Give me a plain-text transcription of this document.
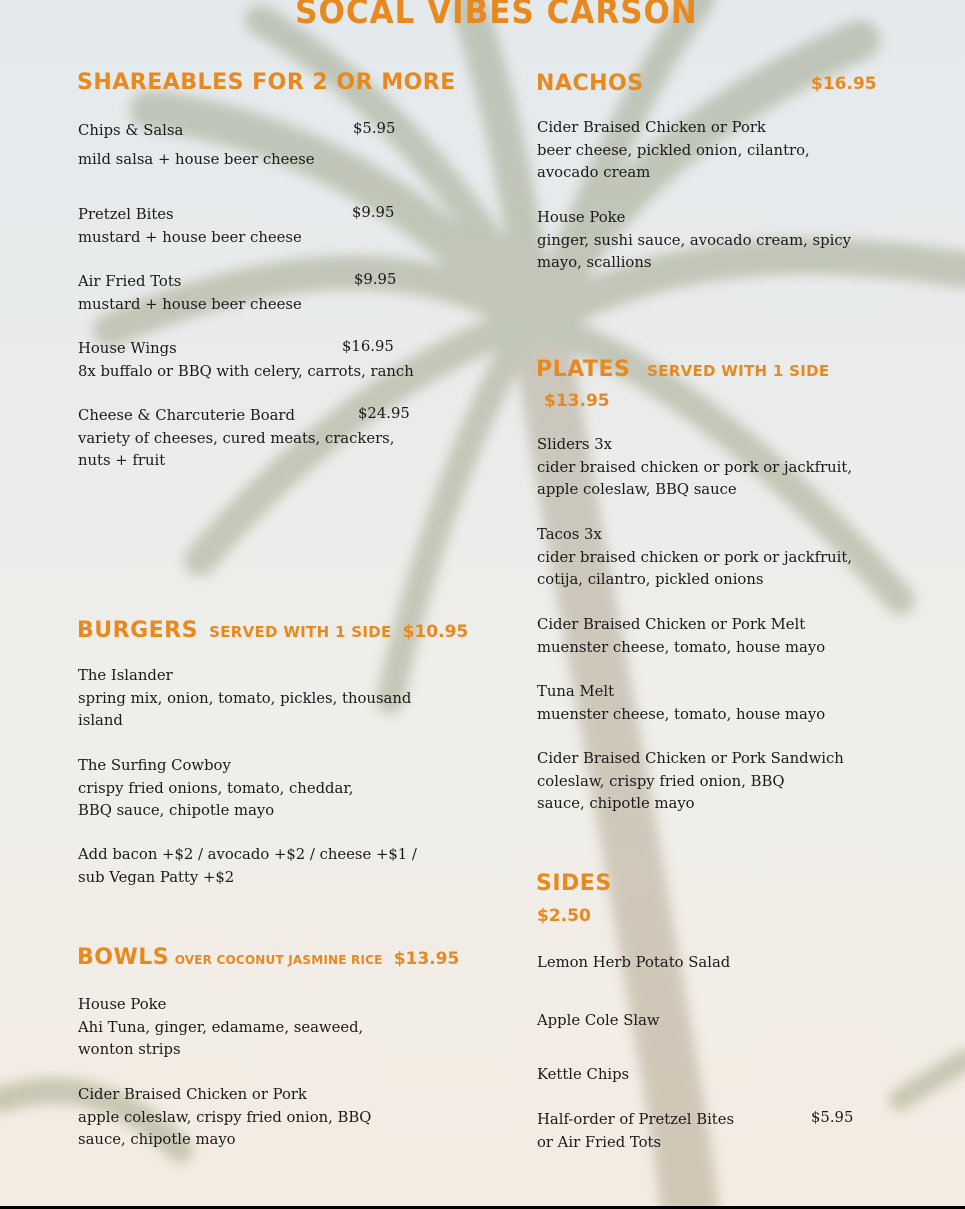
SOCAL VIBES CARSON
SHAREABLES FOR 2 OR MORE
Chips & Salsa	$5.95
mild salsa + house beer cheese
Pretzel Bites
mustard + house beer cheese
$9.95
Air Fried Tots
mustard + house beer cheese
$9.95
House Wings
8x buffalo or BBQ with celery, carrots, ranch
$16.95
Cheese & Charcuterie Board
variety of cheeses, cured meats, crackers, nuts + fruit
$24.95
BURGERS SERVED WITH 1 SIDE $10.95
The Islander
spring mix, onion, tomato, pickles, thousand island
The Surfing Cowboy
crispy fried onions, tomato, cheddar, BBQ sauce, chipotle mayo
Add bacon +$2 / avocado +$2 / cheese +$1 /
sub Vegan Patty +$2
BOWLS OVER COCONUT JASMINE RICE $13.95
House Poke
Ahi Tuna, ginger, edamame, seaweed, wonton strips
Cider Braised Chicken or Pork
apple coleslaw, crispy fried onion, BBQ sauce, chipotle mayo
NACHOS	$16.95
Cider Braised Chicken or Pork
beer cheese, pickled onion, cilantro, avocado cream
House Poke
ginger, sushi sauce, avocado cream, spicy mayo, scallions
PLATES SERVED WITH 1 SIDE
$13.95
Sliders 3x
cider braised chicken or pork or jackfruit, apple coleslaw, BBQ sauce
Tacos 3x
cider braised chicken or pork or jackfruit, cotija, cilantro, pickled onions
Cider Braised Chicken or Pork Melt
muenster cheese, tomato, house mayo
Tuna Melt
muenster cheese, tomato, house mayo
Cider Braised Chicken or Pork Sandwich
coleslaw, crispy fried onion, BBQ sauce, chipotle mayo
SIDES
$2.50
Lemon Herb Potato Salad
Apple Cole Slaw
Kettle Chips
Half-order of Pretzel Bites
or Air Fried Tots
$5.95
